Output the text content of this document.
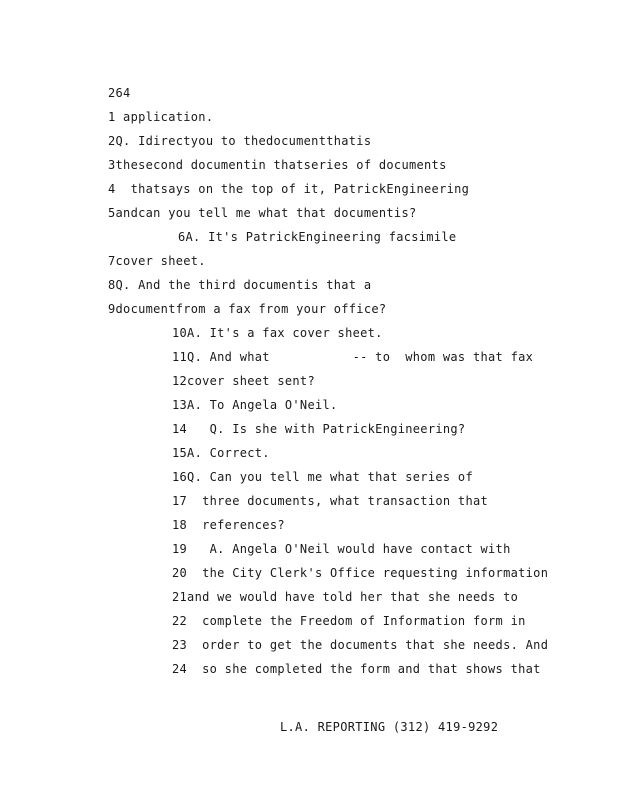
264
1 application.
2Q. Idirectyou to thedocumentthatis
3thesecond documentin thatseries of documents
4  thatsays on the top of it, PatrickEngineering
5andcan you tell me what that documentis?
6A. It's PatrickEngineering facsimile
7cover sheet.
8Q. And the third documentis that a
9documentfrom a fax from your office?
10A. It's a fax cover sheet.
11Q. And what           -- to  whom was that fax
12cover sheet sent?
13A. To Angela O'Neil.
14   Q. Is she with PatrickEngineering?
15A. Correct.
16Q. Can you tell me what that series of
17  three documents, what transaction that
18  references?
19   A. Angela O'Neil would have contact with
20  the City Clerk's Office requesting information
21and we would have told her that she needs to
22  complete the Freedom of Information form in
23  order to get the documents that she needs. And
24  so she completed the form and that shows that
L.A. REPORTING (312) 419-9292
